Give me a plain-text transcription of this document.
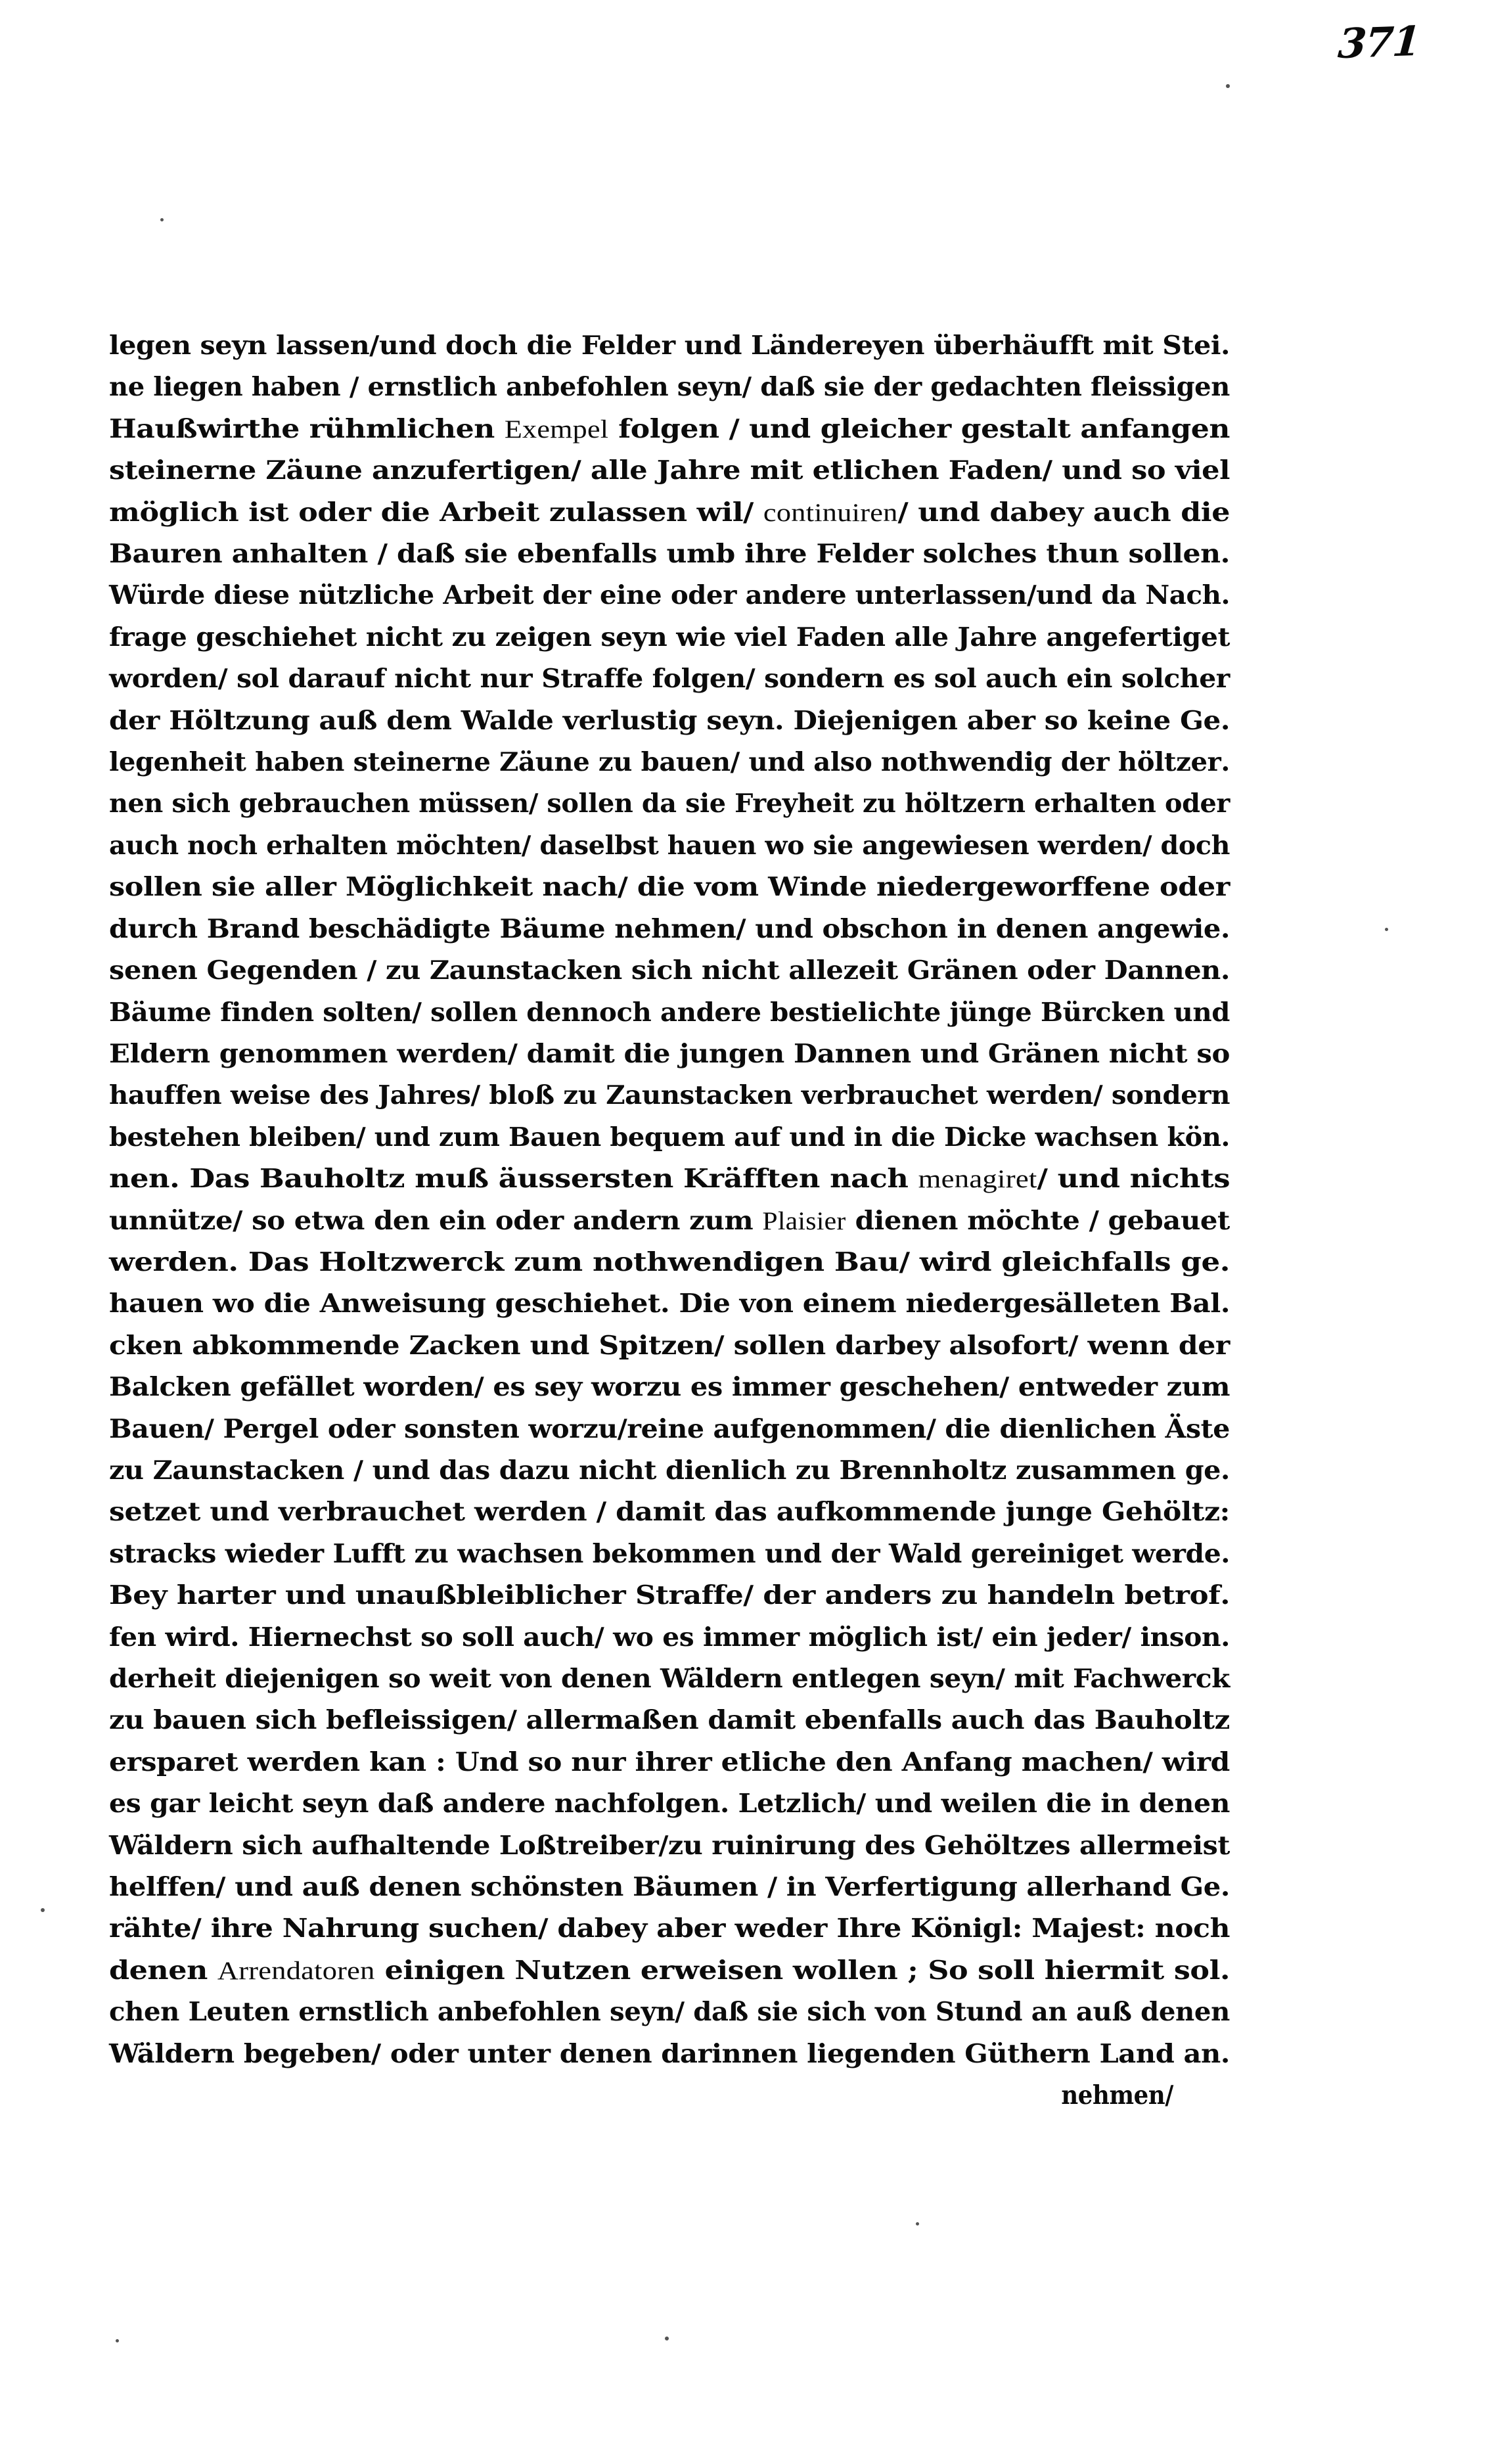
371
legen seyn lassen/und doch die Felder und Ländereyen überhäufft mit Stei․
ne liegen haben / ernstlich anbefohlen seyn/ daß sie der gedachten fleissigen
Haußwirthe rühmlichen Exempel folgen / und gleicher gestalt anfangen
steinerne Zäune anzufertigen/ alle Jahre mit etlichen Faden/ und so viel
möglich ist oder die Arbeit zulassen wil/ continuiren/ und dabey auch die
Bauren anhalten / daß sie ebenfalls umb ihre Felder solches thun sollen.
Würde diese nützliche Arbeit der eine oder andere unterlassen/und da Nach․
frage geschiehet nicht zu zeigen seyn wie viel Faden alle Jahre angefertiget
worden/ sol darauf nicht nur Straffe folgen/ sondern es sol auch ein solcher
der Höltzung auß dem Walde verlustig seyn. Diejenigen aber so keine Ge․
legenheit haben steinerne Zäune zu bauen/ und also nothwendig der höltzer․
nen sich gebrauchen müssen/ sollen da sie Freyheit zu höltzern erhalten oder
auch noch erhalten möchten/ daselbst hauen wo sie angewiesen werden/ doch
sollen sie aller Möglichkeit nach/ die vom Winde niedergeworffene oder
durch Brand beschädigte Bäume nehmen/ und obschon in denen angewie․
senen Gegenden / zu Zaunstacken sich nicht allezeit Gränen oder Dannen․
Bäume finden solten/ sollen dennoch andere bestielichte jünge Bürcken und
Eldern genommen werden/ damit die jungen Dannen und Gränen nicht so
hauffen weise des Jahres/ bloß zu Zaunstacken verbrauchet werden/ sondern
bestehen bleiben/ und zum Bauen bequem auf und in die Dicke wachsen kön․
nen. Das Bauholtz muß äussersten Kräfften nach menagiret/ und nichts
unnütze/ so etwa den ein oder andern zum Plaisier dienen möchte / gebauet
werden. Das Holtzwerck zum nothwendigen Bau/ wird gleichfalls ge․
hauen wo die Anweisung geschiehet. Die von einem niedergesälleten Bal․
cken abkommende Zacken und Spitzen/ sollen darbey alsofort/ wenn der
Balcken gefället worden/ es sey worzu es immer geschehen/ entweder zum
Bauen/ Pergel oder sonsten worzu/reine aufgenommen/ die dienlichen Äste
zu Zaunstacken / und das dazu nicht dienlich zu Brennholtz zusammen ge․
setzet und verbrauchet werden / damit das aufkommende junge Gehöltz:
stracks wieder Lufft zu wachsen bekommen und der Wald gereiniget werde․
Bey harter und unaußbleiblicher Straffe/ der anders zu handeln betrof․
fen wird. Hiernechst so soll auch/ wo es immer möglich ist/ ein jeder/ inson․
derheit diejenigen so weit von denen Wäldern entlegen seyn/ mit Fachwerck
zu bauen sich befleissigen/ allermaßen damit ebenfalls auch das Bauholtz
ersparet werden kan : Und so nur ihrer etliche den Anfang machen/ wird
es gar leicht seyn daß andere nachfolgen. Letzlich/ und weilen die in denen
Wäldern sich aufhaltende Loßtreiber/zu ruinirung des Gehöltzes allermeist
helffen/ und auß denen schönsten Bäumen / in Verfertigung allerhand Ge․
rähte/ ihre Nahrung suchen/ dabey aber weder Ihre Königl: Majest: noch
denen Arrendatoren einigen Nutzen erweisen wollen ; So soll hiermit sol․
chen Leuten ernstlich anbefohlen seyn/ daß sie sich von Stund an auß denen
Wäldern begeben/ oder unter denen darinnen liegenden Güthern Land an․
nehmen/
